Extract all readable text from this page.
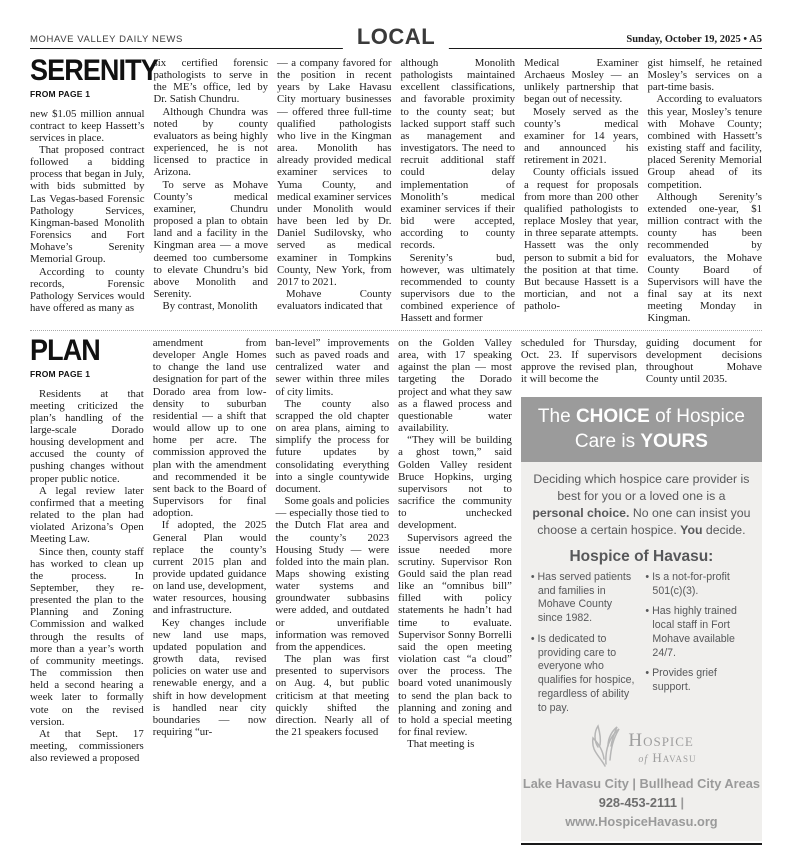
MOHAVE VALLEY DAILY NEWS	LOCAL	Sunday, October 19, 2025 • A5
SERENITY
FROM PAGE 1

new $1.05 million annual contract to keep Hassett’s services in place.

That proposed contract followed a bidding process that began in July, with bids submitted by Las Vegas-based Forensic Pathology Services, Kingman-based Monolith Forensics and Fort Mohave’s Serenity Memorial Group.

According to county records, Forensic Pathology Services would have offered as many as

six certified forensic pathologists to serve in the ME’s office, led by Dr. Satish Chundru.

Although Chundra was noted by county evaluators as being highly experienced, he is not licensed to practice in Arizona.

To serve as Mohave County’s medical examiner, Chundru proposed a plan to obtain land and a facility in the Kingman area — a move deemed too cumbersome to elevate Chundru’s bid above Monolith and Serenity.

By contrast, Monolith

— a company favored for the position in recent years by Lake Havasu City mortuary businesses — offered three full-time qualified pathologists who live in the Kingman area. Monolith has already provided medical examiner services to Yuma County, and medical examiner services under Monolith would have been led by Dr. Daniel Sudilovsky, who served as medical examiner in Tompkins County, New York, from 2017 to 2021.

Mohave County evaluators indicated that

although Monolith pathologists maintained excellent classifications, and favorable proximity to the county seat; but lacked support staff such as management and investigators. The need to recruit additional staff could delay implementation of Monolith’s medical examiner services if their bid were accepted, according to county records.

Serenity’s bud, however, was ultimately recommended to county supervisors due to the combined experience of Hassett and former

Medical Examiner Archaeus Mosley — an unlikely partnership that began out of necessity.

Mosely served as the county’s medical examiner for 14 years, and announced his retirement in 2021.

County officials issued a request for proposals from more than 200 other qualified pathologists to replace Mosley that year, in three separate attempts. Hassett was the only person to submit a bid for the position at that time. But because Hassett is a mortician, and not a patholo-

gist himself, he retained Mosley’s services on a part-time basis.

According to evaluators this year, Mosley’s tenure with Mohave County; combined with Hassett’s existing staff and facility, placed Serenity Memorial Group ahead of its competition.

Although Serenity’s extended one-year, $1 million contract with the county has been recommended by evaluators, the Mohave County Board of Supervisors will have the final say at its next meeting Monday in Kingman.

PLAN
FROM PAGE 1

Residents at that meeting criticized the plan’s handling of the large-scale Dorado housing development and accused the county of pushing changes without proper public notice.

A legal review later confirmed that a meeting related to the plan had violated Arizona’s Open Meeting Law.

Since then, county staff has worked to clean up the process. In September, they re-presented the plan to the Planning and Zoning Commission and walked through the results of more than a year’s worth of community meetings. The commission then held a second hearing a week later to formally vote on the revised version.

At that Sept. 17 meeting, commissioners also reviewed a proposed

amendment from developer Angle Homes to change the land use designation for part of the Dorado area from low-density to suburban residential — a shift that would allow up to one home per acre. The commission approved the plan with the amendment and recommended it be sent back to the Board of Supervisors for final adoption.

If adopted, the 2025 General Plan would replace the county’s current 2015 plan and provide updated guidance on land use, development, water resources, housing and infrastructure.

Key changes include new land use maps, updated population and growth data, revised policies on water use and renewable energy, and a shift in how development is handled near city boundaries — now requiring “ur-

ban-level” improvements such as paved roads and centralized water and sewer within three miles of city limits.

The county also scrapped the old chapter on area plans, aiming to simplify the process for future updates by consolidating everything into a single countywide document.

Some goals and policies — especially those tied to the Dutch Flat area and the county’s 2023 Housing Study — were folded into the main plan. Maps showing existing water systems and groundwater subbasins were added, and outdated or unverifiable information was removed from the appendices.

The plan was first presented to supervisors on Aug. 4, but public criticism at that meeting quickly shifted the direction. Nearly all of the 21 speakers focused

on the Golden Valley area, with 17 speaking against the plan — most targeting the Dorado project and what they saw as a flawed process and questionable water availability.

“They will be building a ghost town,” said Golden Valley resident Bruce Hopkins, urging supervisors not to sacrifice the community to unchecked development.

Supervisors agreed the issue needed more scrutiny. Supervisor Ron Gould said the plan read like an “omnibus bill” filled with policy statements he hadn’t had time to evaluate. Supervisor Sonny Borrelli said the open meeting violation cast “a cloud” over the process. The board voted unanimously to send the plan back to planning and zoning and to hold a special meeting for final review.

That meeting is

scheduled for Thursday, Oct. 23. If supervisors approve the revised plan, it will become the

guiding document for development decisions throughout Mohave County until 2035.

The CHOICE of Hospice Care is YOURS
Deciding which hospice care provider is best for you or a loved one is a personal choice. No one can insist you choose a certain hospice. You decide.
Hospice of Havasu:

• Has served patients and families in Mohave County since 1982.

• Is dedicated to providing care to everyone who qualifies for hospice, regardless of ability to pay.

• Is a not-for-profit 501(c)(3).

• Has highly trained local staff in Fort Mohave available 24/7.

• Provides grief support.

Hospice
of Havasu
Lake Havasu City | Bullhead City Areas
928-453-2111 | www.HospiceHavasu.org
